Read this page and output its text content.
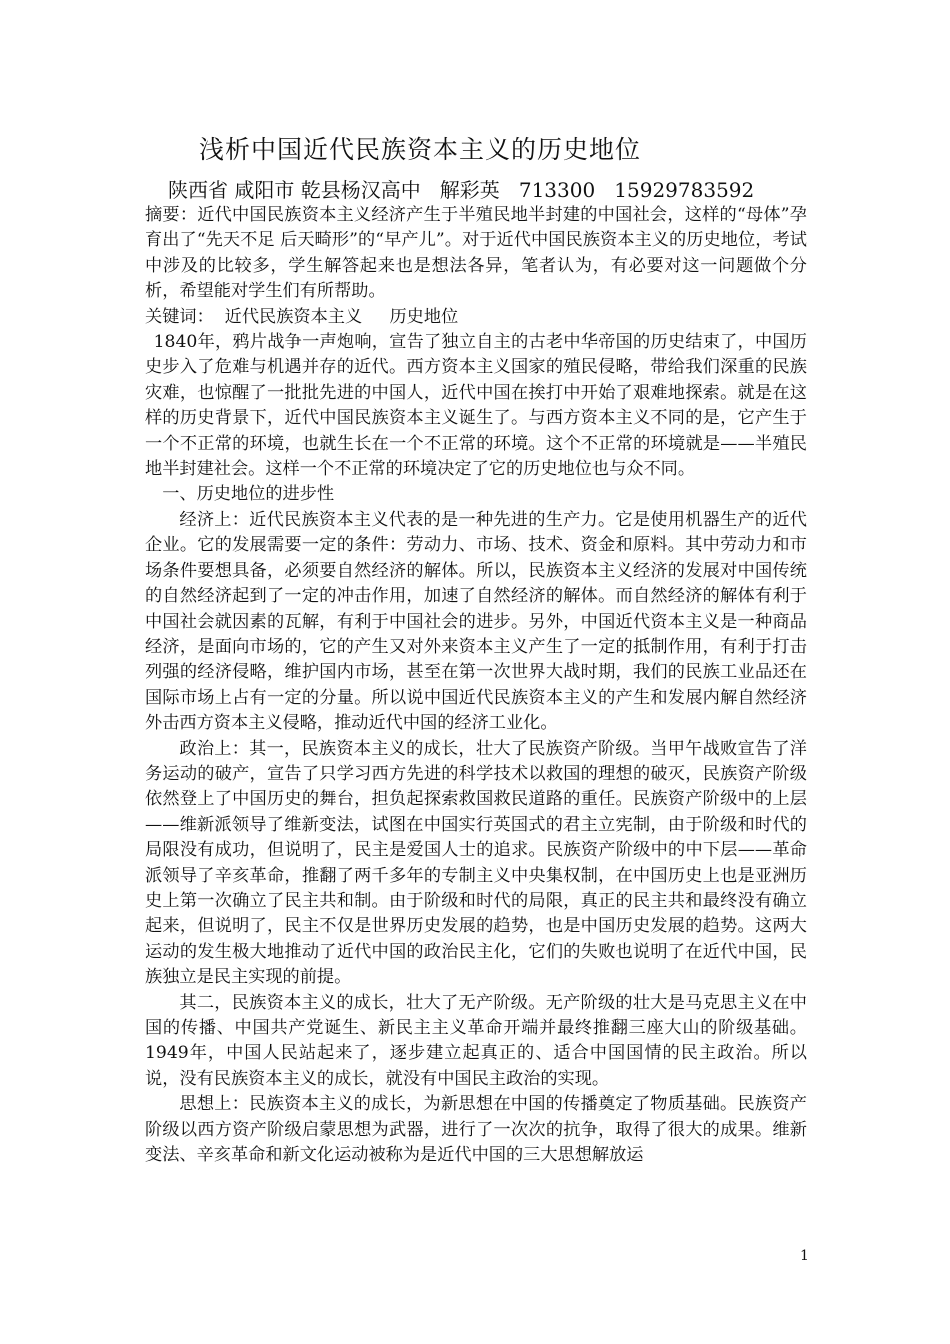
浅析中国近代民族资本主义的历史地位
陕西省 咸阳市 乾县杨汉高中   解彩英   713300   15929783592

摘要：近代中国民族资本主义经济产生于半殖民地半封建的中国社会，这样的“母体”孕育出了“先天不足 后天畸形”的“早产儿”。对于近代中国民族资本主义的历史地位，考试中涉及的比较多，学生解答起来也是想法各异，笔者认为，有必要对这一问题做个分析，希望能对学生们有所帮助。

关键词：  近代民族资本主义     历史地位

1840年，鸦片战争一声炮响，宣告了独立自主的古老中华帝国的历史结束了，中国历史步入了危难与机遇并存的近代。西方资本主义国家的殖民侵略，带给我们深重的民族灾难，也惊醒了一批批先进的中国人，近代中国在挨打中开始了艰难地探索。就是在这样的历史背景下，近代中国民族资本主义诞生了。与西方资本主义不同的是，它产生于一个不正常的环境，也就生长在一个不正常的环境。这个不正常的环境就是——半殖民地半封建社会。这样一个不正常的环境决定了它的历史地位也与众不同。

一、历史地位的进步性

经济上：近代民族资本主义代表的是一种先进的生产力。它是使用机器生产的近代企业。它的发展需要一定的条件：劳动力、市场、技术、资金和原料。其中劳动力和市场条件要想具备，必须要自然经济的解体。所以，民族资本主义经济的发展对中国传统的自然经济起到了一定的冲击作用，加速了自然经济的解体。而自然经济的解体有利于中国社会就因素的瓦解，有利于中国社会的进步。另外，中国近代资本主义是一种商品经济，是面向市场的，它的产生又对外来资本主义产生了一定的抵制作用，有利于打击列强的经济侵略，维护国内市场，甚至在第一次世界大战时期，我们的民族工业品还在国际市场上占有一定的分量。所以说中国近代民族资本主义的产生和发展内解自然经济外击西方资本主义侵略，推动近代中国的经济工业化。

政治上：其一，民族资本主义的成长，壮大了民族资产阶级。当甲午战败宣告了洋务运动的破产，宣告了只学习西方先进的科学技术以救国的理想的破灭，民族资产阶级依然登上了中国历史的舞台，担负起探索救国救民道路的重任。民族资产阶级中的上层——维新派领导了维新变法，试图在中国实行英国式的君主立宪制，由于阶级和时代的局限没有成功，但说明了，民主是爱国人士的追求。民族资产阶级中的中下层——革命派领导了辛亥革命，推翻了两千多年的专制主义中央集权制，在中国历史上也是亚洲历史上第一次确立了民主共和制。由于阶级和时代的局限，真正的民主共和最终没有确立起来，但说明了，民主不仅是世界历史发展的趋势，也是中国历史发展的趋势。这两大运动的发生极大地推动了近代中国的政治民主化，它们的失败也说明了在近代中国，民族独立是民主实现的前提。

其二，民族资本主义的成长，壮大了无产阶级。无产阶级的壮大是马克思主义在中国的传播、中国共产党诞生、新民主主义革命开端并最终推翻三座大山的阶级基础。1949年，中国人民站起来了，逐步建立起真正的、适合中国国情的民主政治。所以说，没有民族资本主义的成长，就没有中国民主政治的实现。

思想上：民族资本主义的成长，为新思想在中国的传播奠定了物质基础。民族资产阶级以西方资产阶级启蒙思想为武器，进行了一次次的抗争，取得了很大的成果。维新变法、辛亥革命和新文化运动被称为是近代中国的三大思想解放运

1
